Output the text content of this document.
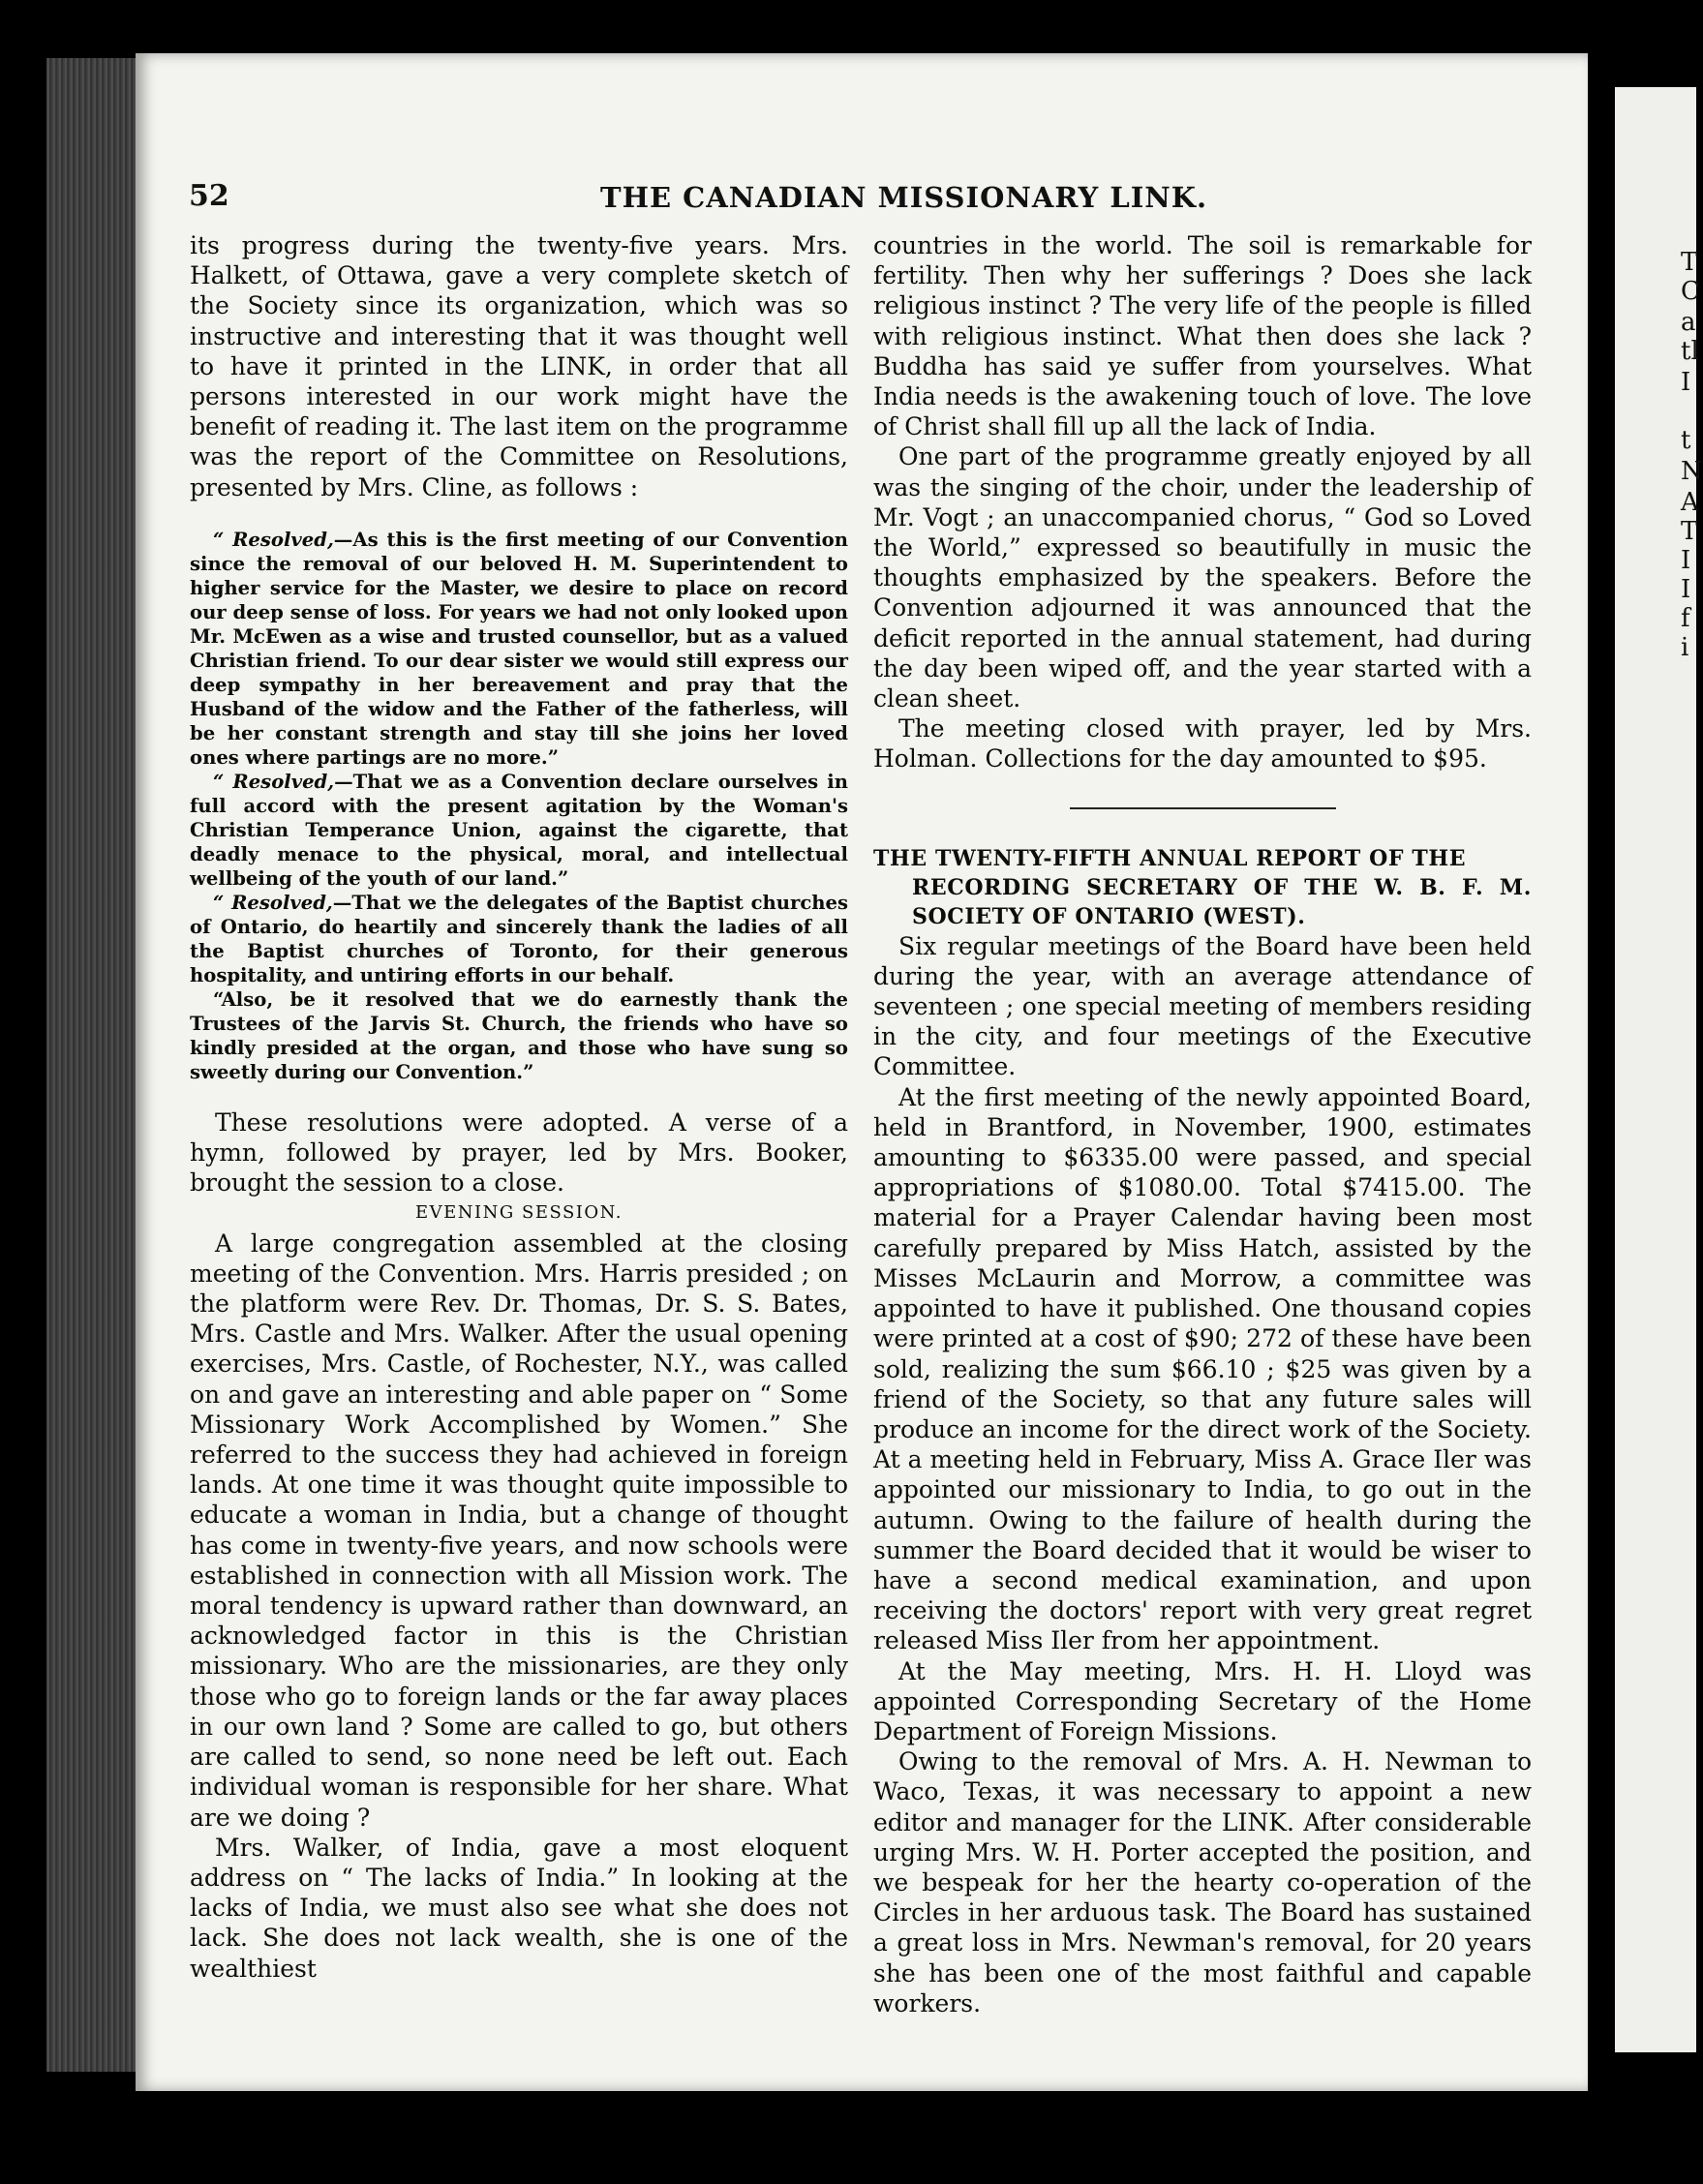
T
C
a
tl
I
t
N
A
T
I
I
f
i
52	THE CANADIAN MISSIONARY LINK.

its progress during the twenty-five years. Mrs. Halkett, of Ottawa, gave a very complete sketch of the Society since its organization, which was so instructive and interesting that it was thought well to have it printed in the LINK, in order that all persons interested in our work might have the benefit of reading it. The last item on the programme was the report of the Committee on Resolutions, presented by Mrs. Cline, as follows :

“ Resolved,—As this is the first meeting of our Convention since the removal of our beloved H. M. Superintendent to higher service for the Master, we desire to place on record our deep sense of loss. For years we had not only looked upon Mr. McEwen as a wise and trusted counsellor, but as a valued Christian friend. To our dear sister we would still express our deep sympathy in her bereavement and pray that the Husband of the widow and the Father of the fatherless, will be her constant strength and stay till she joins her loved ones where partings are no more.”

“ Resolved,—That we as a Convention declare ourselves in full accord with the present agitation by the Woman's Christian Temperance Union, against the cigarette, that deadly menace to the physical, moral, and intellectual wellbeing of the youth of our land.”

“ Resolved,—That we the delegates of the Baptist churches of Ontario, do heartily and sincerely thank the ladies of all the Baptist churches of Toronto, for their generous hospitality, and untiring efforts in our behalf.

“Also, be it resolved that we do earnestly thank the Trustees of the Jarvis St. Church, the friends who have so kindly presided at the organ, and those who have sung so sweetly during our Convention.”

These resolutions were adopted. A verse of a hymn, followed by prayer, led by Mrs. Booker, brought the session to a close.

EVENING SESSION.

A large congregation assembled at the closing meeting of the Convention. Mrs. Harris presided ; on the platform were Rev. Dr. Thomas, Dr. S. S. Bates, Mrs. Castle and Mrs. Walker. After the usual opening exercises, Mrs. Castle, of Rochester, N.Y., was called on and gave an interesting and able paper on “ Some Missionary Work Accomplished by Women.” She referred to the success they had achieved in foreign lands. At one time it was thought quite impossible to educate a woman in India, but a change of thought has come in twenty-five years, and now schools were established in connection with all Mission work. The moral tendency is upward rather than downward, an acknowledged factor in this is the Christian missionary. Who are the missionaries, are they only those who go to foreign lands or the far away places in our own land ? Some are called to go, but others are called to send, so none need be left out. Each individual woman is responsible for her share. What are we doing ?

Mrs. Walker, of India, gave a most eloquent address on “ The lacks of India.” In looking at the lacks of India, we must also see what she does not lack. She does not lack wealth, she is one of the wealthiest

countries in the world. The soil is remarkable for fertility. Then why her sufferings ? Does she lack religious instinct ? The very life of the people is filled with religious instinct. What then does she lack ? Buddha has said ye suffer from yourselves. What India needs is the awakening touch of love. The love of Christ shall fill up all the lack of India.

One part of the programme greatly enjoyed by all was the singing of the choir, under the leadership of Mr. Vogt ; an unaccompanied chorus, “ God so Loved the World,” expressed so beautifully in music the thoughts emphasized by the speakers. Before the Convention adjourned it was announced that the deficit reported in the annual statement, had during the day been wiped off, and the year started with a clean sheet.

The meeting closed with prayer, led by Mrs. Holman. Collections for the day amounted to $95.

THE TWENTY-FIFTH ANNUAL REPORT OF THE
RECORDING SECRETARY OF THE W. B. F. M. SOCIETY OF ONTARIO (WEST).

Six regular meetings of the Board have been held during the year, with an average attendance of seventeen ; one special meeting of members residing in the city, and four meetings of the Executive Committee.

At the first meeting of the newly appointed Board, held in Brantford, in November, 1900, estimates amounting to $6335.00 were passed, and special appropriations of $1080.00. Total $7415.00. The material for a Prayer Calendar having been most carefully prepared by Miss Hatch, assisted by the Misses McLaurin and Morrow, a committee was appointed to have it published. One thousand copies were printed at a cost of $90; 272 of these have been sold, realizing the sum $66.10 ; $25 was given by a friend of the Society, so that any future sales will produce an income for the direct work of the Society. At a meeting held in February, Miss A. Grace Iler was appointed our missionary to India, to go out in the autumn. Owing to the failure of health during the summer the Board decided that it would be wiser to have a second medical examination, and upon receiving the doctors' report with very great regret released Miss Iler from her appointment.

At the May meeting, Mrs. H. H. Lloyd was appointed Corresponding Secretary of the Home Department of Foreign Missions.

Owing to the removal of Mrs. A. H. Newman to Waco, Texas, it was necessary to appoint a new editor and manager for the LINK. After considerable urging Mrs. W. H. Porter accepted the position, and we bespeak for her the hearty co-operation of the Circles in her arduous task. The Board has sustained a great loss in Mrs. Newman's removal, for 20 years she has been one of the most faithful and capable workers.
